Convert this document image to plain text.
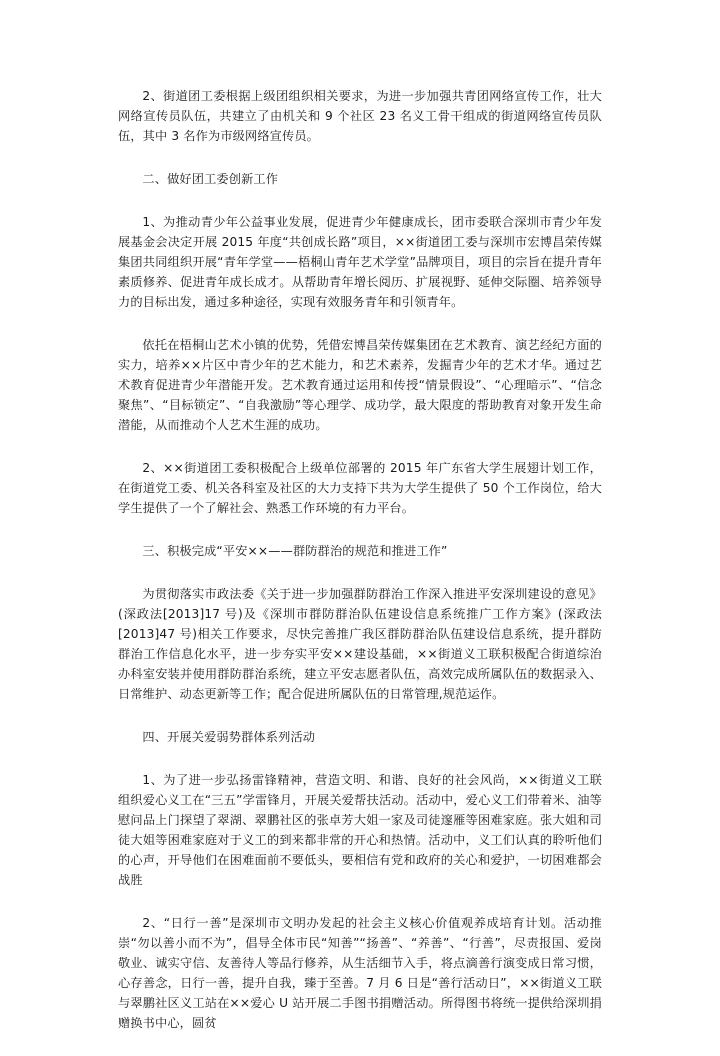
2、街道团工委根据上级团组织相关要求，为进一步加强共青团网络宣传工作，壮大网络宣传员队伍，共建立了由机关和 9 个社区 23 名义工骨干组成的街道网络宣传员队伍，其中 3 名作为市级网络宣传员。

二、做好团工委创新工作

1、为推动青少年公益事业发展，促进青少年健康成长，团市委联合深圳市青少年发展基金会决定开展 2015 年度“共创成长路”项目，××街道团工委与深圳市宏博昌荣传媒集团共同组织开展“青年学堂——梧桐山青年艺术学堂”品牌项目，项目的宗旨在提升青年素质修养、促进青年成长成才。从帮助青年增长阅历、扩展视野、延伸交际圈、培养领导力的目标出发，通过多种途径，实现有效服务青年和引领青年。

依托在梧桐山艺术小镇的优势，凭借宏博昌荣传媒集团在艺术教育、演艺经纪方面的实力，培养××片区中青少年的艺术能力，和艺术素养，发掘青少年的艺术才华。通过艺术教育促进青少年潜能开发。艺术教育通过运用和传授“情景假设”、“心理暗示”、“信念聚焦”、“目标锁定”、“自我激励”等心理学、成功学，最大限度的帮助教育对象开发生命潜能，从而推动个人艺术生涯的成功。

2、××街道团工委积极配合上级单位部署的 2015 年广东省大学生展翅计划工作，在街道党工委、机关各科室及社区的大力支持下共为大学生提供了 50 个工作岗位，给大学生提供了一个了解社会、熟悉工作环境的有力平台。

三、积极完成“平安××——群防群治的规范和推进工作”

为贯彻落实市政法委《关于进一步加强群防群治工作深入推进平安深圳建设的意见》(深政法[2013]17 号)及《深圳市群防群治队伍建设信息系统推广工作方案》(深政法[2013]47 号)相关工作要求，尽快完善推广我区群防群治队伍建设信息系统，提升群防群治工作信息化水平，进一步夯实平安××建设基础，××街道义工联积极配合街道综治办科室安装并使用群防群治系统，建立平安志愿者队伍，高效完成所属队伍的数据录入、日常维护、动态更新等工作；配合促进所属队伍的日常管理,规范运作。

四、开展关爱弱势群体系列活动

1、为了进一步弘扬雷锋精神，营造文明、和谐、良好的社会风尚，××街道义工联组织爱心义工在“三五”学雷锋月，开展关爱帮扶活动。活动中，爱心义工们带着米、油等慰问品上门探望了翠湖、翠鹏社区的张卓芳大姐一家及司徒邃雁等困难家庭。张大姐和司徒大姐等困难家庭对于义工的到来都非常的开心和热情。活动中，义工们认真的聆听他们的心声，开导他们在困难面前不要低头，要相信有党和政府的关心和爱护，一切困难都会战胜

2、“日行一善”是深圳市文明办发起的社会主义核心价值观养成培育计划。活动推崇“勿以善小而不为”，倡导全体市民“知善”“扬善”、“养善”、“行善”，尽责报国、爱岗敬业、诚实守信、友善待人等品行修养，从生活细节入手，将点滴善行演变成日常习惯，心存善念，日行一善，提升自我，臻于至善。7 月 6 日是“善行活动日”，××街道义工联与翠鹏社区义工站在××爱心 U 站开展二手图书捐赠活动。所得图书将统一提供给深圳捐赠换书中心，圆贫
